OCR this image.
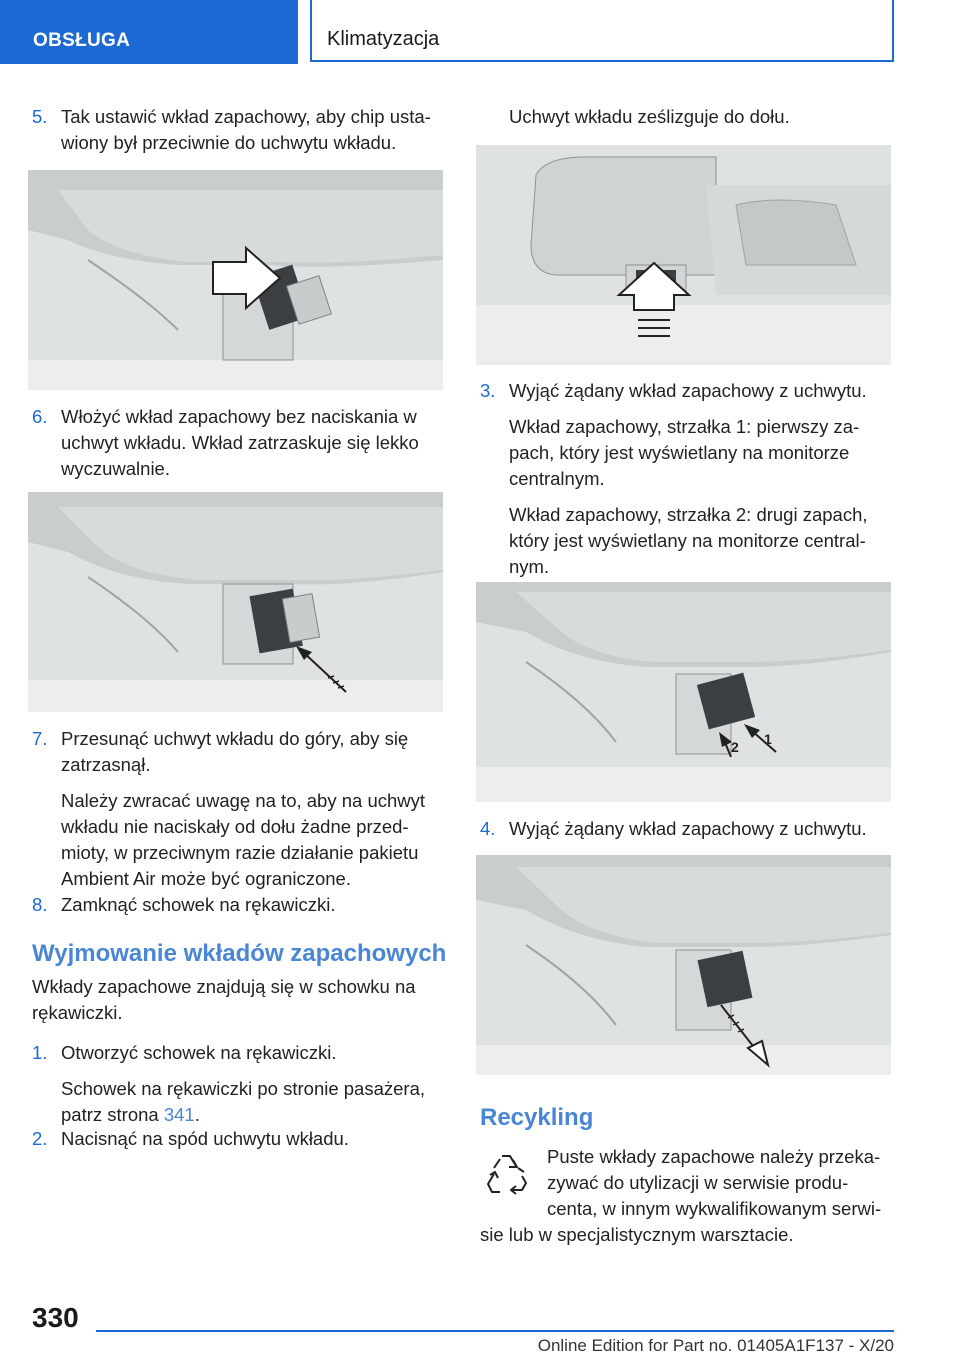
OBSŁUGA	Klimatyzacja
5. Tak ustawić wkład zapachowy, aby chip usta-

wiony był przeciwnie do uchwytu wkładu.

6. Włożyć wkład zapachowy bez naciskania w

uchwyt wkładu. Wkład zatrzaskuje się lekko

wyczuwalnie.

7. Przesunąć uchwyt wkładu do góry, aby się

zatrzasnął.

Należy zwracać uwagę na to, aby na uchwyt

wkładu nie naciskały od dołu żadne przed-

mioty, w przeciwnym razie działanie pakietu

Ambient Air może być ograniczone.

8. Zamknąć schowek na rękawiczki.

Wyjmowanie wkładów zapachowych

Wkłady zapachowe znajdują się w schowku na

rękawiczki.

1. Otworzyć schowek na rękawiczki.

Schowek na rękawiczki po stronie pasażera,

patrz strona 341.

2. Nacisnąć na spód uchwytu wkładu.

Uchwyt wkładu ześlizguje do dołu.

3. Wyjąć żądany wkład zapachowy z uchwytu.

Wkład zapachowy, strzałka 1: pierwszy za-

pach, który jest wyświetlany na monitorze

centralnym.

Wkład zapachowy, strzałka 2: drugi zapach,

który jest wyświetlany na monitorze central-

nym.

1
2
4. Wyjąć żądany wkład zapachowy z uchwytu.

Recykling

Puste wkłady zapachowe należy przeka-

zywać do utylizacji w serwisie produ-

centa, w innym wykwalifikowanym serwi-

sie lub w specjalistycznym warsztacie.

330
Online Edition for Part no. 01405A1F137 - X/20
